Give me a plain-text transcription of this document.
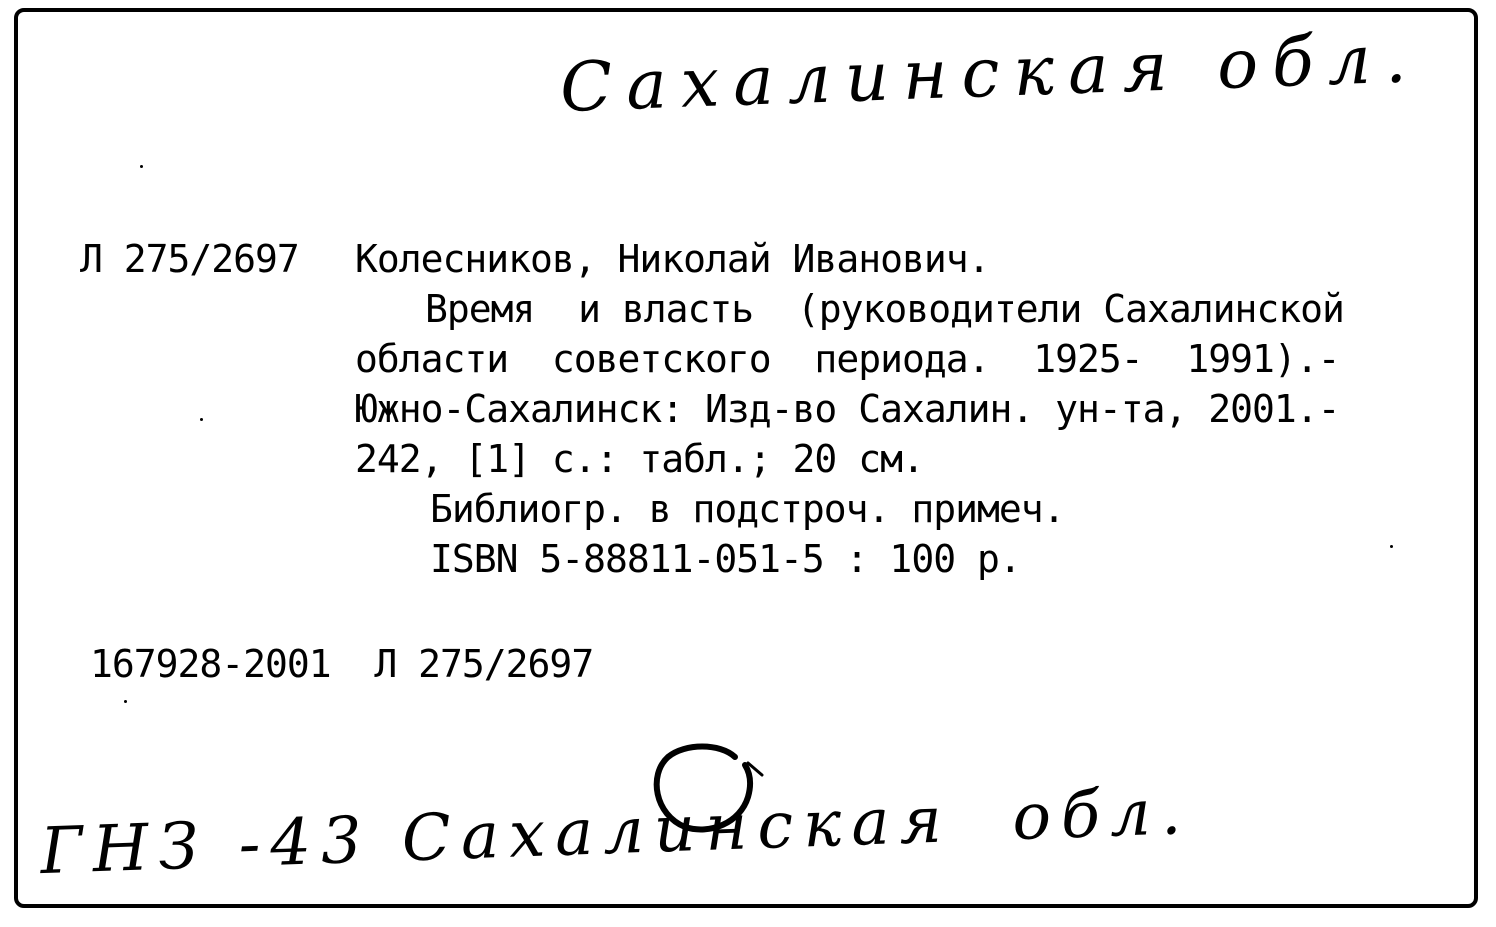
Сахалинская обл.
Л 275/2697 Колесников, Николай Иванович.
Время  и власть  (руководители Сахалинской
области  советского  периода.  1925-  1991).-
Южно-Сахалинск: Изд-во Сахалин. ун-та, 2001.-
242, [1] с.: табл.; 20 см.
Библиогр. в подстроч. примеч.
ISBN 5-88811-051-5 : 100 р.
167928-2001  Л 275/2697
ГНЗ -43 Сахалинская  обл.
